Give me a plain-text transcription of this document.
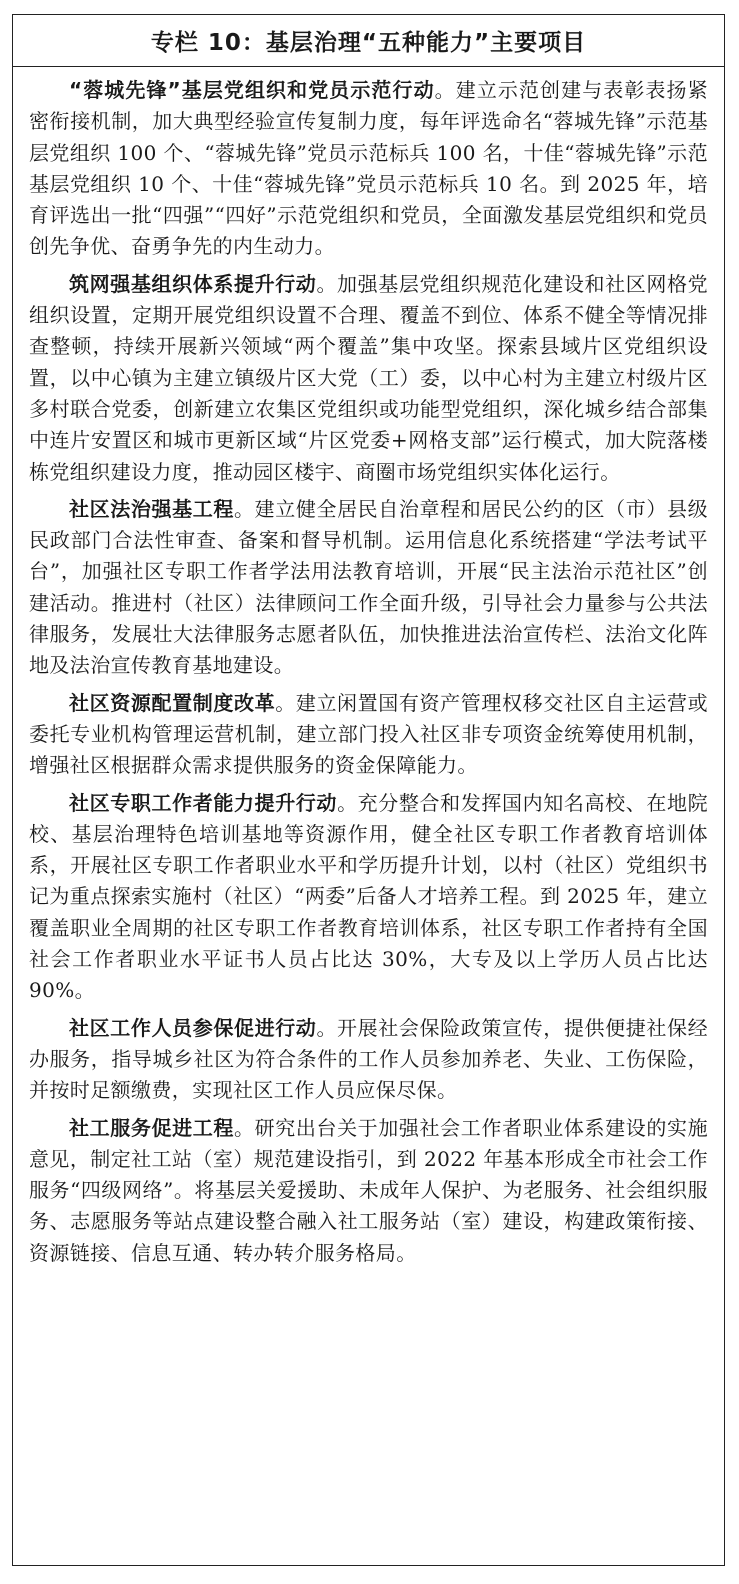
专栏 10：基层治理“五种能力”主要项目

“蓉城先锋”基层党组织和党员示范行动。建立示范创建与表彰表扬紧密衔接机制，加大典型经验宣传复制力度，每年评选命名“蓉城先锋”示范基层党组织 100 个、“蓉城先锋”党员示范标兵 100 名，十佳“蓉城先锋”示范基层党组织 10 个、十佳“蓉城先锋”党员示范标兵 10 名。到 2025 年，培育评选出一批“四强”“四好”示范党组织和党员，全面激发基层党组织和党员创先争优、奋勇争先的内生动力。

筑网强基组织体系提升行动。加强基层党组织规范化建设和社区网格党组织设置，定期开展党组织设置不合理、覆盖不到位、体系不健全等情况排查整顿，持续开展新兴领域“两个覆盖”集中攻坚。探索县域片区党组织设置，以中心镇为主建立镇级片区大党（工）委，以中心村为主建立村级片区多村联合党委，创新建立农集区党组织或功能型党组织，深化城乡结合部集中连片安置区和城市更新区域“片区党委+网格支部”运行模式，加大院落楼栋党组织建设力度，推动园区楼宇、商圈市场党组织实体化运行。

社区法治强基工程。建立健全居民自治章程和居民公约的区（市）县级民政部门合法性审查、备案和督导机制。运用信息化系统搭建“学法考试平台”，加强社区专职工作者学法用法教育培训，开展“民主法治示范社区”创建活动。推进村（社区）法律顾问工作全面升级，引导社会力量参与公共法律服务，发展壮大法律服务志愿者队伍，加快推进法治宣传栏、法治文化阵地及法治宣传教育基地建设。

社区资源配置制度改革。建立闲置国有资产管理权移交社区自主运营或委托专业机构管理运营机制，建立部门投入社区非专项资金统筹使用机制，增强社区根据群众需求提供服务的资金保障能力。

社区专职工作者能力提升行动。充分整合和发挥国内知名高校、在地院校、基层治理特色培训基地等资源作用，健全社区专职工作者教育培训体系，开展社区专职工作者职业水平和学历提升计划，以村（社区）党组织书记为重点探索实施村（社区）“两委”后备人才培养工程。到 2025 年，建立覆盖职业全周期的社区专职工作者教育培训体系，社区专职工作者持有全国社会工作者职业水平证书人员占比达 30%，大专及以上学历人员占比达 90%。

社区工作人员参保促进行动。开展社会保险政策宣传，提供便捷社保经办服务，指导城乡社区为符合条件的工作人员参加养老、失业、工伤保险，并按时足额缴费，实现社区工作人员应保尽保。

社工服务促进工程。研究出台关于加强社会工作者职业体系建设的实施意见，制定社工站（室）规范建设指引，到 2022 年基本形成全市社会工作服务“四级网络”。将基层关爱援助、未成年人保护、为老服务、社会组织服务、志愿服务等站点建设整合融入社工服务站（室）建设，构建政策衔接、资源链接、信息互通、转办转介服务格局。
